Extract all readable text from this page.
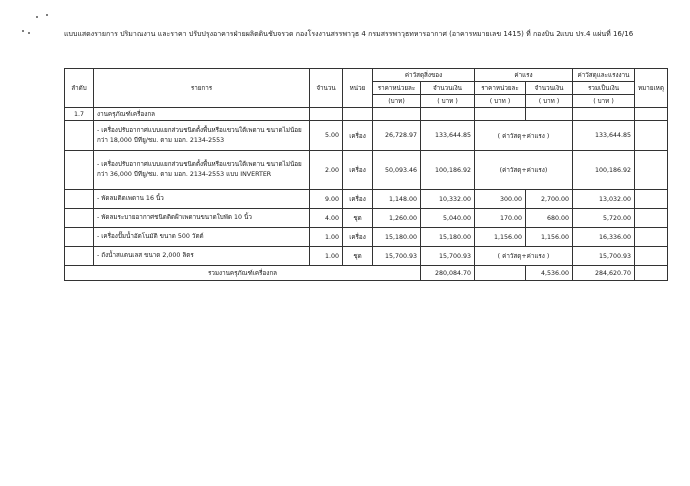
แบบแสดงรายการ ปริมาณงาน และราคา ปรับปรุงอาคารฝ่ายผลิตดินชับจรวด กองโรงงานสรรพาวุธ 4 กรมสรรพาวุธทหารอากาศ (อาคารหมายเลข 1415) ที่ กองบิน 2 แบบ ปร.4 แผ่นที่ 16/16
ลำดับ	รายการ	จำนวน	หน่วย	ค่าวัสดุสิ่งของ		ค่าแรง		ค่าวัสดุและแรงงาน	หมายเหตุ
				ราคาหน่วยละ	จำนวนเงิน	ราคาหน่วยละ	จำนวนเงิน	รวมเป็นเงิน	
				(บาท)	( บาท )	( บาท )	( บาท )	( บาท )	
1.7	งานครุภัณฑ์เครื่องกล								
	- เครื่องปรับอากาศแบบแยกส่วนชนิดตั้งพื้นหรือแขวนใต้เพดาน ขนาดไม่น้อยกว่า 18,000 บีทียู/ชม. ตาม มอก. 2134-2553	5.00	เครื่อง	26,728.97	133,644.85	( ค่าวัสดุ+ค่าแรง )		133,644.85	
	- เครื่องปรับอากาศแบบแยกส่วนชนิดตั้งพื้นหรือแขวนใต้เพดาน ขนาดไม่น้อยกว่า 36,000 บีทียู/ชม. ตาม มอก. 2134-2553 แบบ INVERTER	2.00	เครื่อง	50,093.46	100,186.92	(ค่าวัสดุ+ค่าแรง)		100,186.92	
	- พัดลมติดเพดาน 16 นิ้ว	9.00	เครื่อง	1,148.00	10,332.00	300.00	2,700.00	13,032.00	
	- พัดลมระบายอากาศชนิดติดฝ้าเพดานขนาดใบพัด 10 นิ้ว	4.00	ชุด	1,260.00	5,040.00	170.00	680.00	5,720.00	
	- เครื่องปั๊มน้ำอัตโนมัติ ขนาด 500 วัตต์	1.00	เครื่อง	15,180.00	15,180.00	1,156.00	1,156.00	16,336.00	
	- ถังน้ำสแตนเลส ขนาด 2,000 ลิตร	1.00	ชุด	15,700.93	15,700.93	( ค่าวัสดุ+ค่าแรง )		15,700.93	
รวมงานครุภัณฑ์เครื่องกล					280,084.70		4,536.00	284,620.70	
